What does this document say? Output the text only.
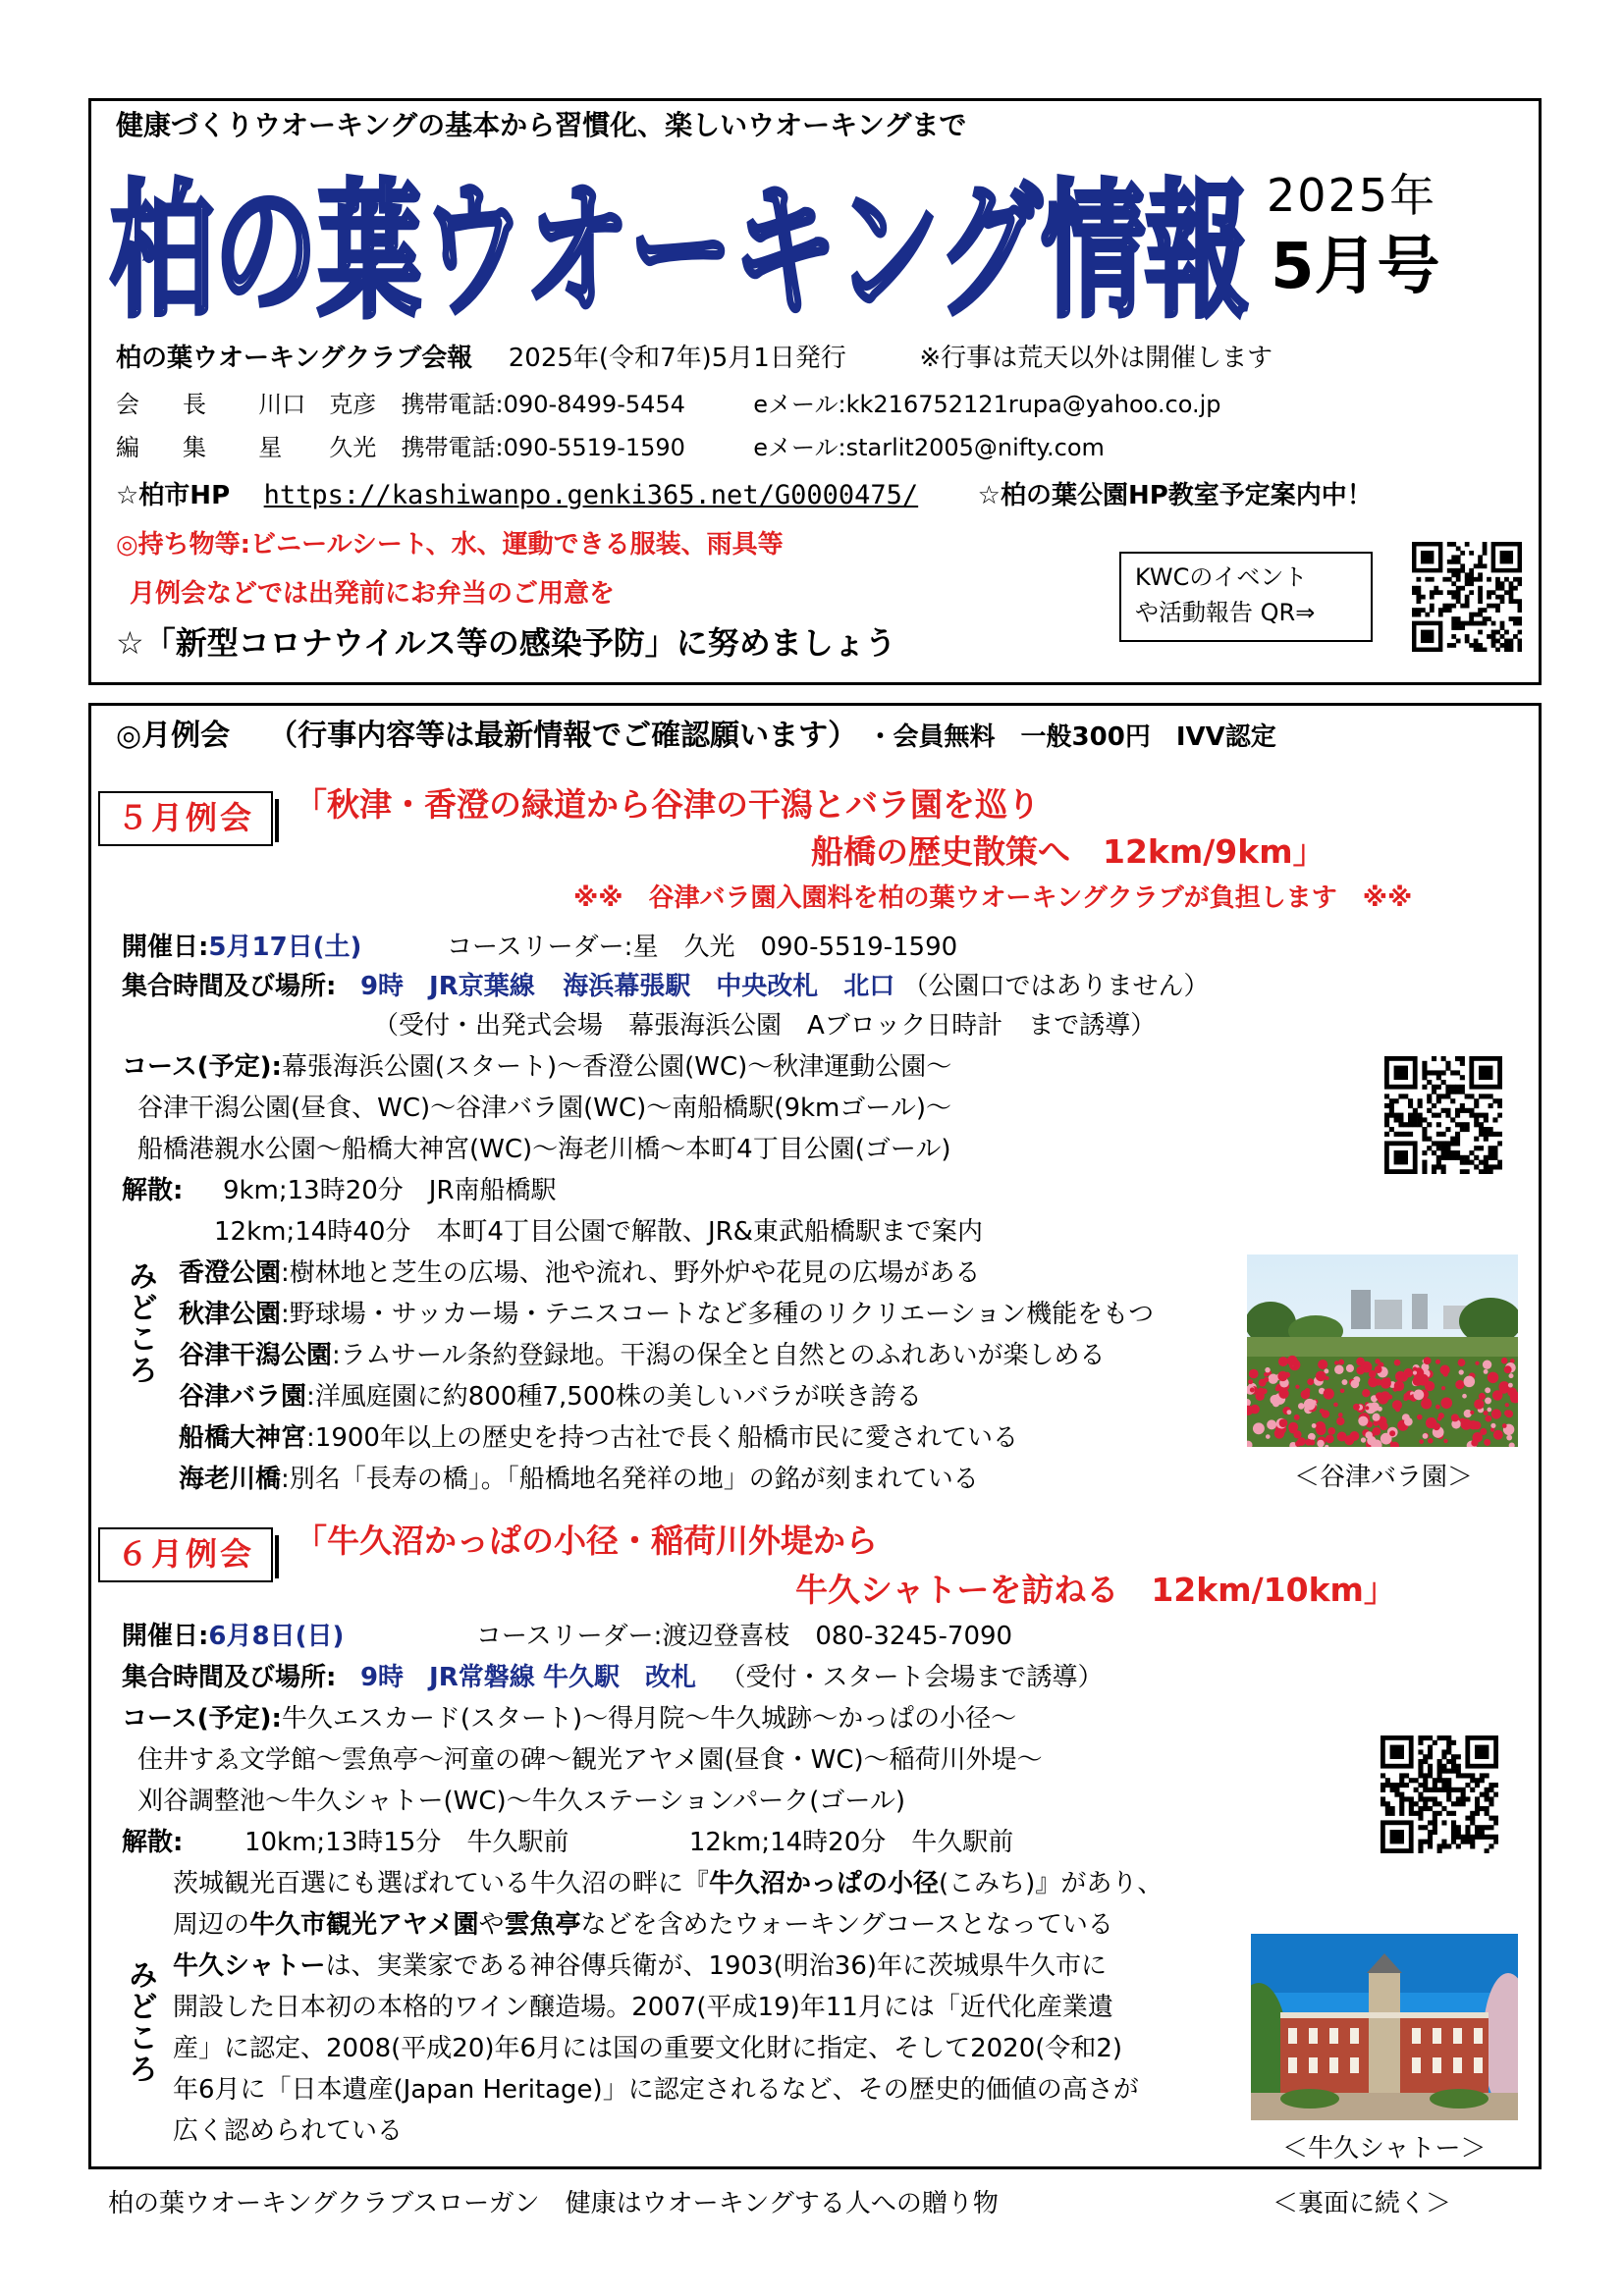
健康づくりウオーキングの基本から習慣化、楽しいウオーキングまで
柏の葉ウオーキング情報 2025年
5月号
柏の葉ウオーキングクラブ会報 2025年(令和7年)5月1日発行	※行事は荒天以外は開催します
会　長 川口　克彦 携帯電話:090-8499-5454	eメール:kk216752121rupa@yahoo.co.jp
編　集 星　　久光 携帯電話:090-5519-1590	eメール:starlit2005@nifty.com
☆柏市HP https://kashiwanpo.genki365.net/G0000475/ ☆柏の葉公園HP教室予定案内中！
◎持ち物等:ビニールシート、水、運動できる服装、雨具等
月例会などでは出発前にお弁当のご用意を
☆「新型コロナウイルス等の感染予防」に努めましょう
KWCのイベント
や活動報告 QR⇒
◎月例会 （行事内容等は最新情報でご確認願います） ・会員無料　一般300円　IVV認定
５月例会	「秋津・香澄の緑道から谷津の干潟とバラ園を巡り
船橋の歴史散策へ　12km/9km」
※※　谷津バラ園入園料を柏の葉ウオーキングクラブが負担します　※※
開催日:5月17日(土)	コースリーダー:星　久光　090-5519-1590
集合時間及び場所: 9時　JR京葉線 海浜幕張駅　中央改札　北口 （公園口ではありません）
（受付・出発式会場　幕張海浜公園　Aブロック日時計　まで誘導）
コース(予定):幕張海浜公園(スタート)～香澄公園(WC)～秋津運動公園～
谷津干潟公園(昼食、WC)～谷津バラ園(WC)～南船橋駅(9kmゴール)～
船橋港親水公園～船橋大神宮(WC)～海老川橋～本町4丁目公園(ゴール)
解散: 9km;13時20分　JR南船橋駅
12km;14時40分　本町4丁目公園で解散、JR&東武船橋駅まで案内
みどころ 香澄公園:樹林地と芝生の広場、池や流れ、野外炉や花見の広場がある
秋津公園:野球場・サッカー場・テニスコートなど多種のリクリエーション機能をもつ
谷津干潟公園:ラムサール条約登録地。干潟の保全と自然とのふれあいが楽しめる
谷津バラ園:洋風庭園に約800種7,500株の美しいバラが咲き誇る
船橋大神宮:1900年以上の歴史を持つ古社で長く船橋市民に愛されている
海老川橋:別名「長寿の橋」。「船橋地名発祥の地」の銘が刻まれている	＜谷津バラ園＞
６月例会	「牛久沼かっぱの小径・稲荷川外堤から
牛久シャトーを訪ねる　12km/10km」
開催日:6月8日(日)	コースリーダー:渡辺登喜枝　080-3245-7090
集合時間及び場所: 9時　JR常磐線 牛久駅　改札 （受付・スタート会場まで誘導）
コース(予定):牛久エスカード(スタート)～得月院～牛久城跡～かっぱの小径～
住井すゑ文学館～雲魚亭～河童の碑～観光アヤメ園(昼食・WC)～稲荷川外堤～
刈谷調整池～牛久シャトー(WC)～牛久ステーションパーク(ゴール)
解散: 10km;13時15分　牛久駅前	12km;14時20分　牛久駅前
みどころ
茨城観光百選にも選ばれている牛久沼の畔に『牛久沼かっぱの小径(こみち)』があり、
周辺の牛久市観光アヤメ園や雲魚亭などを含めたウォーキングコースとなっている
牛久シャトーは、実業家である神谷傳兵衛が、1903(明治36)年に茨城県牛久市に
開設した日本初の本格的ワイン醸造場。2007(平成19)年11月には「近代化産業遺
産」に認定、2008(平成20)年6月には国の重要文化財に指定、そして2020(令和2)
年6月に「日本遺産(Japan Heritage)」に認定されるなど、その歴史的価値の高さが
広く認められている
＜牛久シャトー＞
柏の葉ウオーキングクラブスローガン　健康はウオーキングする人への贈り物	＜裏面に続く＞
